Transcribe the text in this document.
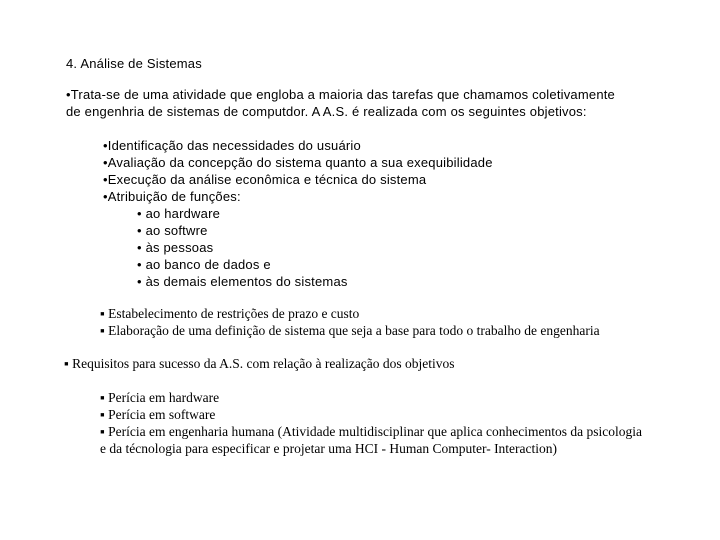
4. Análise de Sistemas
•Trata-se de uma atividade que engloba a maioria das tarefas que chamamos coletivamente
de engenhria de sistemas de computdor. A A.S. é realizada com os seguintes objetivos:
•Identificação das necessidades do usuário
•Avaliação da concepção do sistema quanto a sua exequibilidade
•Execução da análise econômica e técnica do sistema
•Atribuição de funções:
• ao hardware
• ao softwre
• às pessoas
• ao banco de dados e
• às demais elementos do sistemas
▪ Estabelecimento de restrições de prazo e custo
▪ Elaboração de uma definição de sistema que seja a base para todo o trabalho de engenharia
▪ Requisitos para sucesso da A.S. com relação à realização dos objetivos
▪ Perícia em hardware
▪ Perícia em software
▪ Perícia em engenharia humana (Atividade multidisciplinar que aplica conhecimentos da psicologia
e da técnologia para especificar e projetar uma HCI - Human Computer- Interaction)
